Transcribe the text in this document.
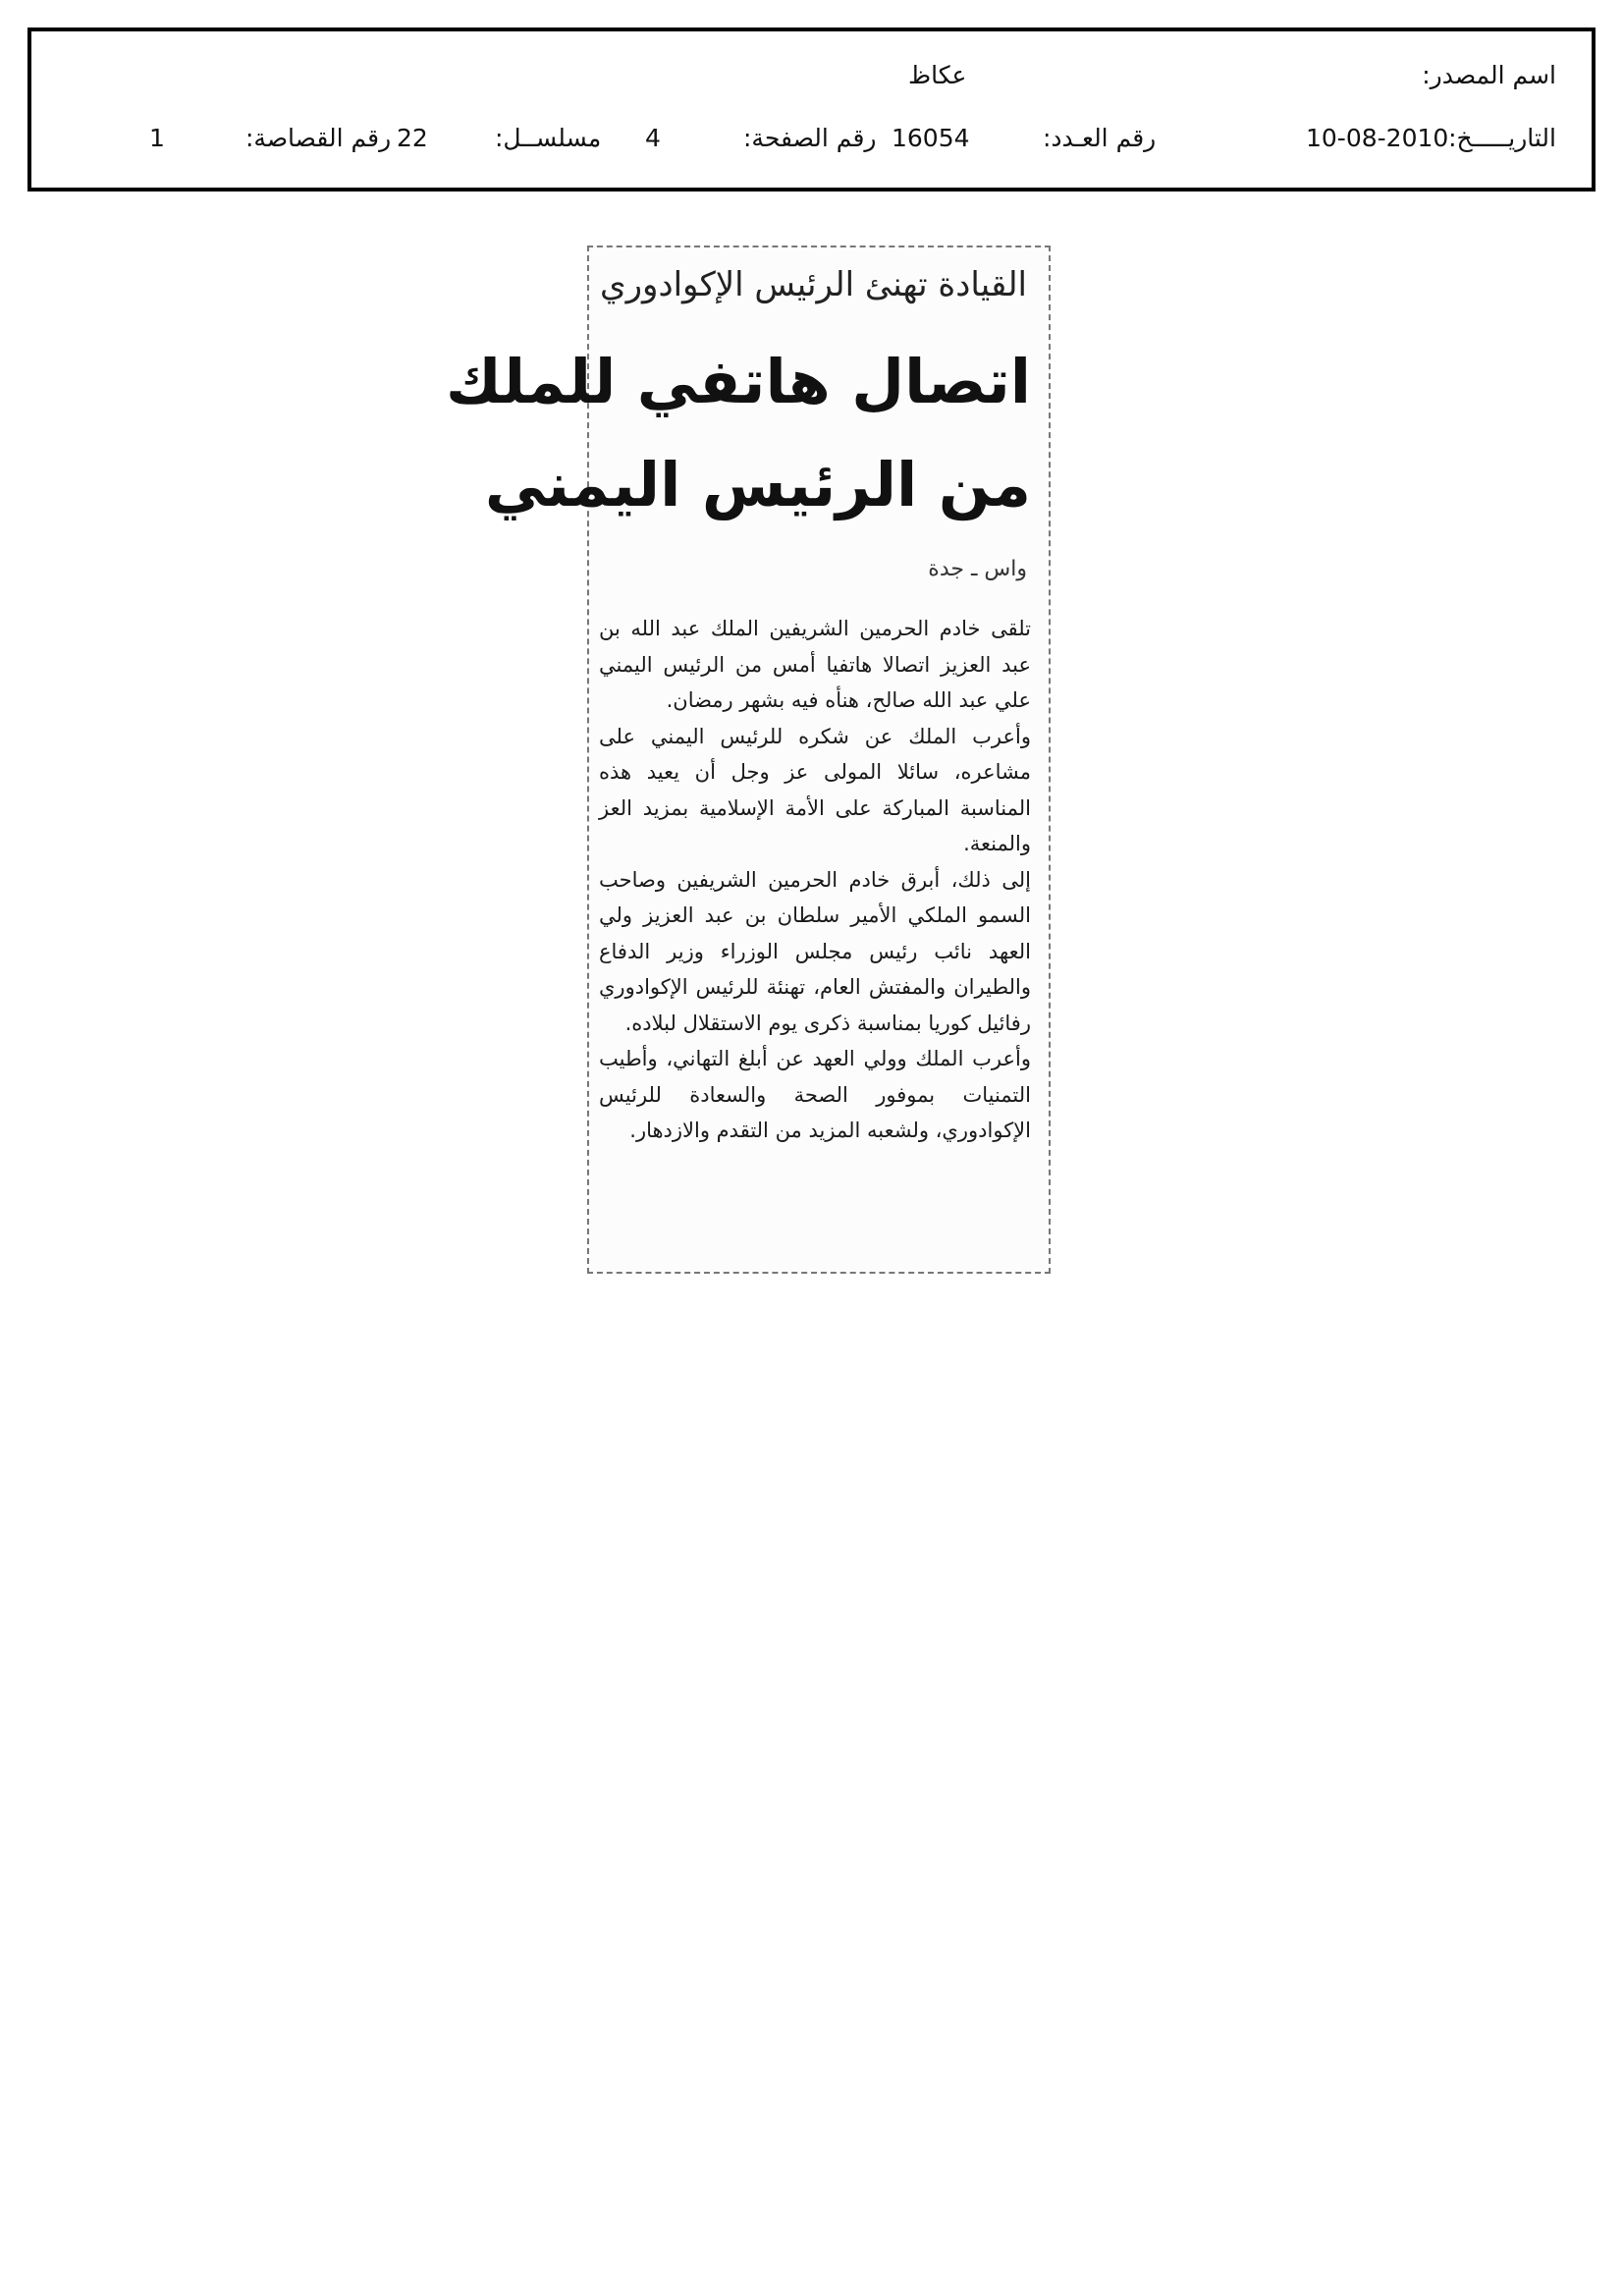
اسم المصدر:
عكاظ
التاريـــــخ:
10-08-2010
رقم العـدد:
16054
رقم الصفحة:
4
مسلســل:
22
رقم القصاصة:
1
القيادة تهنئ الرئيس الإكوادوري
اتصال هاتفي للملك
من الرئيس اليمني
واس ـ جدة

تلقى خادم الحرمين الشريفين الملك عبد الله بن عبد العزيز اتصالا هاتفيا أمس من الرئيس اليمني علي عبد الله صالح، هنأه فيه بشهر رمضان.

وأعرب الملك عن شكره للرئيس اليمني على مشاعره، سائلا المولى عز وجل أن يعيد هذه المناسبة المباركة على الأمة الإسلامية بمزيد العز والمنعة.

إلى ذلك، أبرق خادم الحرمين الشريفين وصاحب السمو الملكي الأمير سلطان بن عبد العزيز ولي العهد نائب رئيس مجلس الوزراء وزير الدفاع والطيران والمفتش العام، تهنئة للرئيس الإكوادوري رفائيل كوريا بمناسبة ذكرى يوم الاستقلال لبلاده.

وأعرب الملك وولي العهد عن أبلغ التهاني، وأطيب التمنيات بموفور الصحة والسعادة للرئيس الإكوادوري، ولشعبه المزيد من التقدم والازدهار.
